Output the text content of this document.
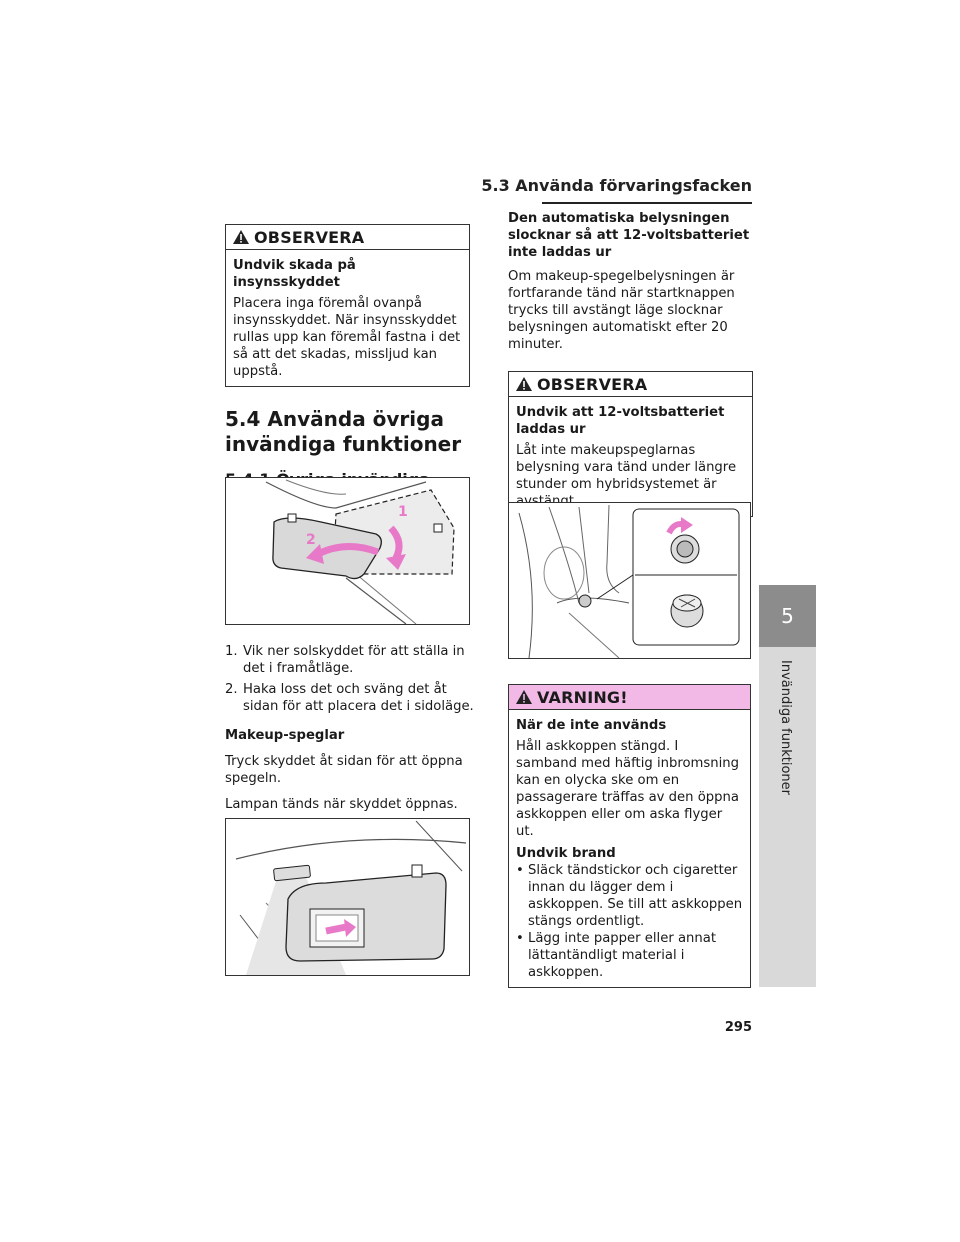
5.3 Använda förvaringsfacken
OBSERVERA

Undvik skada på insynsskyddet

Placera inga föremål ovanpå insynsskyddet. När insynsskyddet rullas upp kan föremål fastna i det så att det skadas, missljud kan uppstå.

5.4 Använda övriga
invändiga funktioner

1
2
1. Vik ner solskyddet för att ställa in det i framåtläge.
2. Haka loss det och sväng det åt sidan för att placera det i sidoläge.

Makeup-speglar

Tryck skyddet åt sidan för att öppna spegeln.

Lampan tänds när skyddet öppnas.

Den automatiska belysningen slocknar så att 12-voltsbatteriet inte laddas ur

Om makeup-spegelbelysningen är fortfarande tänd när startknappen trycks till avstängt läge slocknar belysningen automatiskt efter 20 minuter.

OBSERVERA

Undvik att 12-voltsbatteriet laddas ur

Låt inte makeupspeglarnas belysning vara tänd under längre stunder om hybridsystemet är

VARNING!

När de inte används

Håll askkoppen stängd. I samband med häftig inbromsning kan en olycka ske om en passagerare träffas av den öppna askkoppen eller om aska flyger ut.

Undvik brand

• Släck tändstickor och cigaretter innan du lägger dem i askkoppen. Se till att askkoppen stängs ordentligt.
• Lägg inte papper eller annat lättantändligt material i askkoppen.
5
Invändiga funktioner
295
